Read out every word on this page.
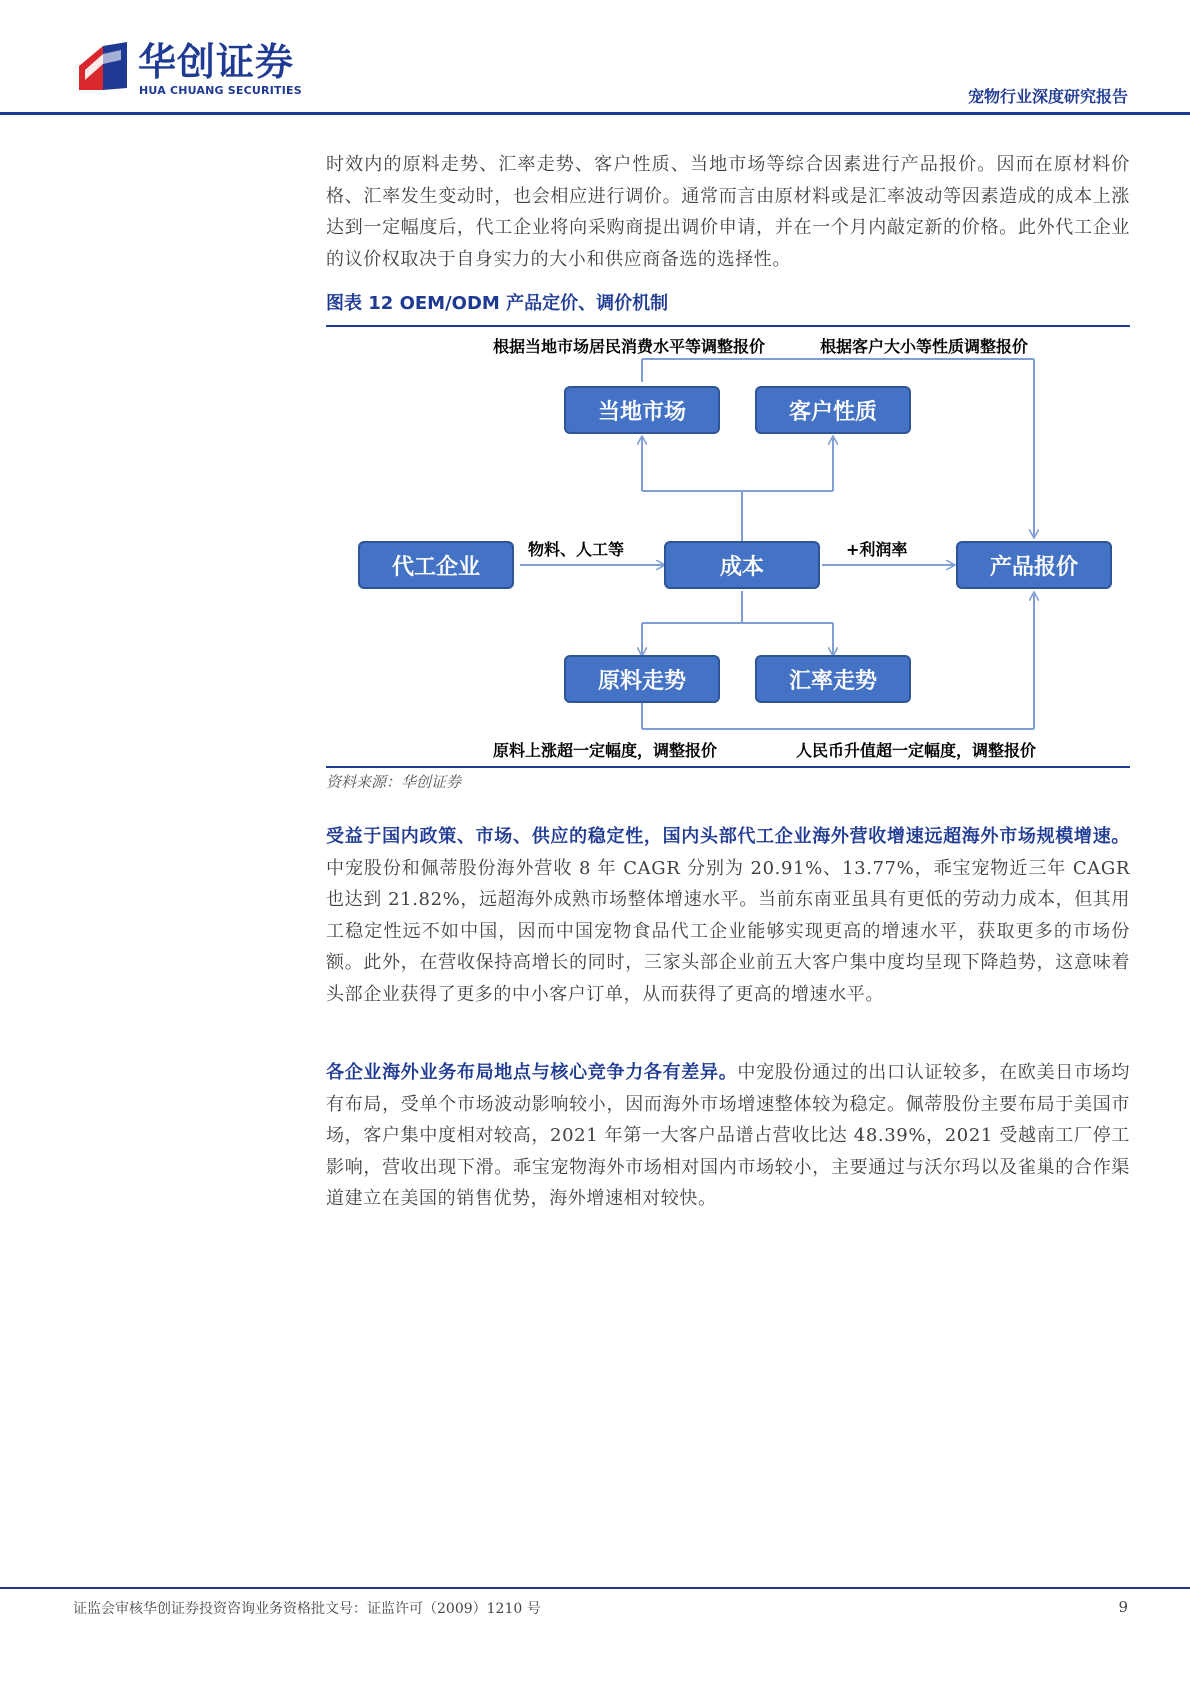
华创证券
HUA CHUANG SECURITIES	宠物行业深度研究报告
时效内的原料走势、汇率走势、客户性质、当地市场等综合因素进行产品报价。因而在原材料价格、汇率发生变动时，也会相应进行调价。通常而言由原材料或是汇率波动等因素造成的成本上涨达到一定幅度后，代工企业将向采购商提出调价申请，并在一个月内敲定新的价格。此外代工企业的议价权取决于自身实力的大小和供应商备选的选择性。
图表 12 OEM/ODM 产品定价、调价机制
当地市场	客户性质
代工企业	成本	产品报价
原料走势	汇率走势
根据当地市场居民消费水平等调整报价	根据客户大小等性质调整报价
物料、人工等	+利润率
原料上涨超一定幅度，调整报价	人民币升值超一定幅度，调整报价
资料来源：华创证券
受益于国内政策、市场、供应的稳定性，国内头部代工企业海外营收增速远超海外市场规模增速。中宠股份和佩蒂股份海外营收 8 年 CAGR 分别为 20.91%、13.77%，乖宝宠物近三年 CAGR 也达到 21.82%，远超海外成熟市场整体增速水平。当前东南亚虽具有更低的劳动力成本，但其用工稳定性远不如中国，因而中国宠物食品代工企业能够实现更高的增速水平，获取更多的市场份额。此外，在营收保持高增长的同时，三家头部企业前五大客户集中度均呈现下降趋势，这意味着头部企业获得了更多的中小客户订单，从而获得了更高的增速水平。
各企业海外业务布局地点与核心竞争力各有差异。中宠股份通过的出口认证较多，在欧美日市场均有布局，受单个市场波动影响较小，因而海外市场增速整体较为稳定。佩蒂股份主要布局于美国市场，客户集中度相对较高，2021 年第一大客户品谱占营收比达 48.39%，2021 受越南工厂停工影响，营收出现下滑。乖宝宠物海外市场相对国内市场较小，主要通过与沃尔玛以及雀巢的合作渠道建立在美国的销售优势，海外增速相对较快。
证监会审核华创证券投资咨询业务资格批文号：证监许可（2009）1210 号	9
